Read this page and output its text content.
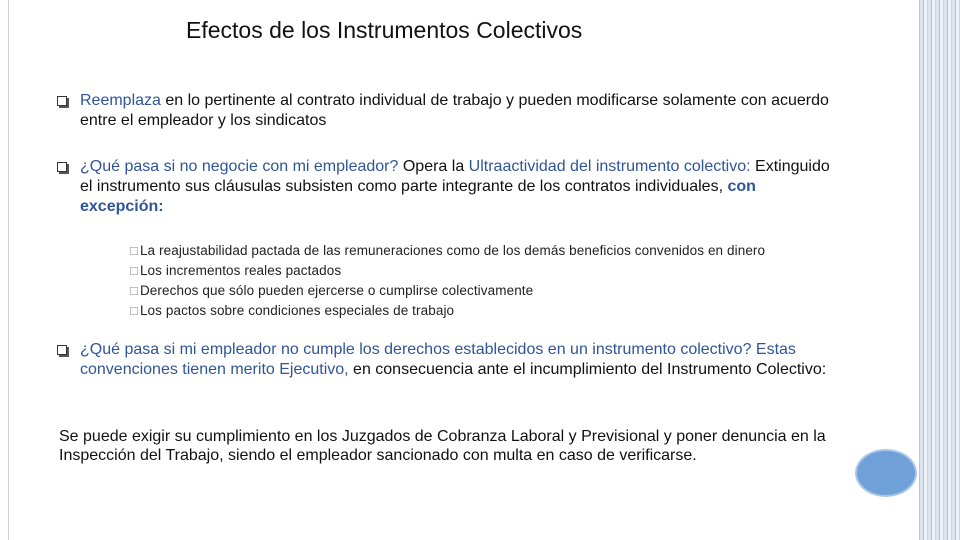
Efectos de los Instrumentos Colectivos
Reemplaza en lo pertinente al contrato individual de trabajo y pueden modificarse solamente con acuerdo entre el empleador y los sindicatos
¿Qué pasa si no negocie con mi empleador? Opera la Ultraactividad del instrumento colectivo: Extinguido el instrumento sus cláusulas subsisten como parte integrante de los contratos individuales, con excepción:
□ La reajustabilidad pactada de las remuneraciones como de los demás beneficios convenidos en dinero
□ Los incrementos reales pactados
□ Derechos que sólo pueden ejercerse o cumplirse colectivamente
□ Los pactos sobre condiciones especiales de trabajo
¿Qué pasa si mi empleador no cumple los derechos establecidos en un instrumento colectivo? Estas convenciones tienen merito Ejecutivo, en consecuencia ante el incumplimiento del Instrumento Colectivo:
Se puede exigir su cumplimiento en los Juzgados de Cobranza Laboral y Previsional y poner denuncia en la Inspección del Trabajo, siendo el empleador sancionado con multa en caso de verificarse.
